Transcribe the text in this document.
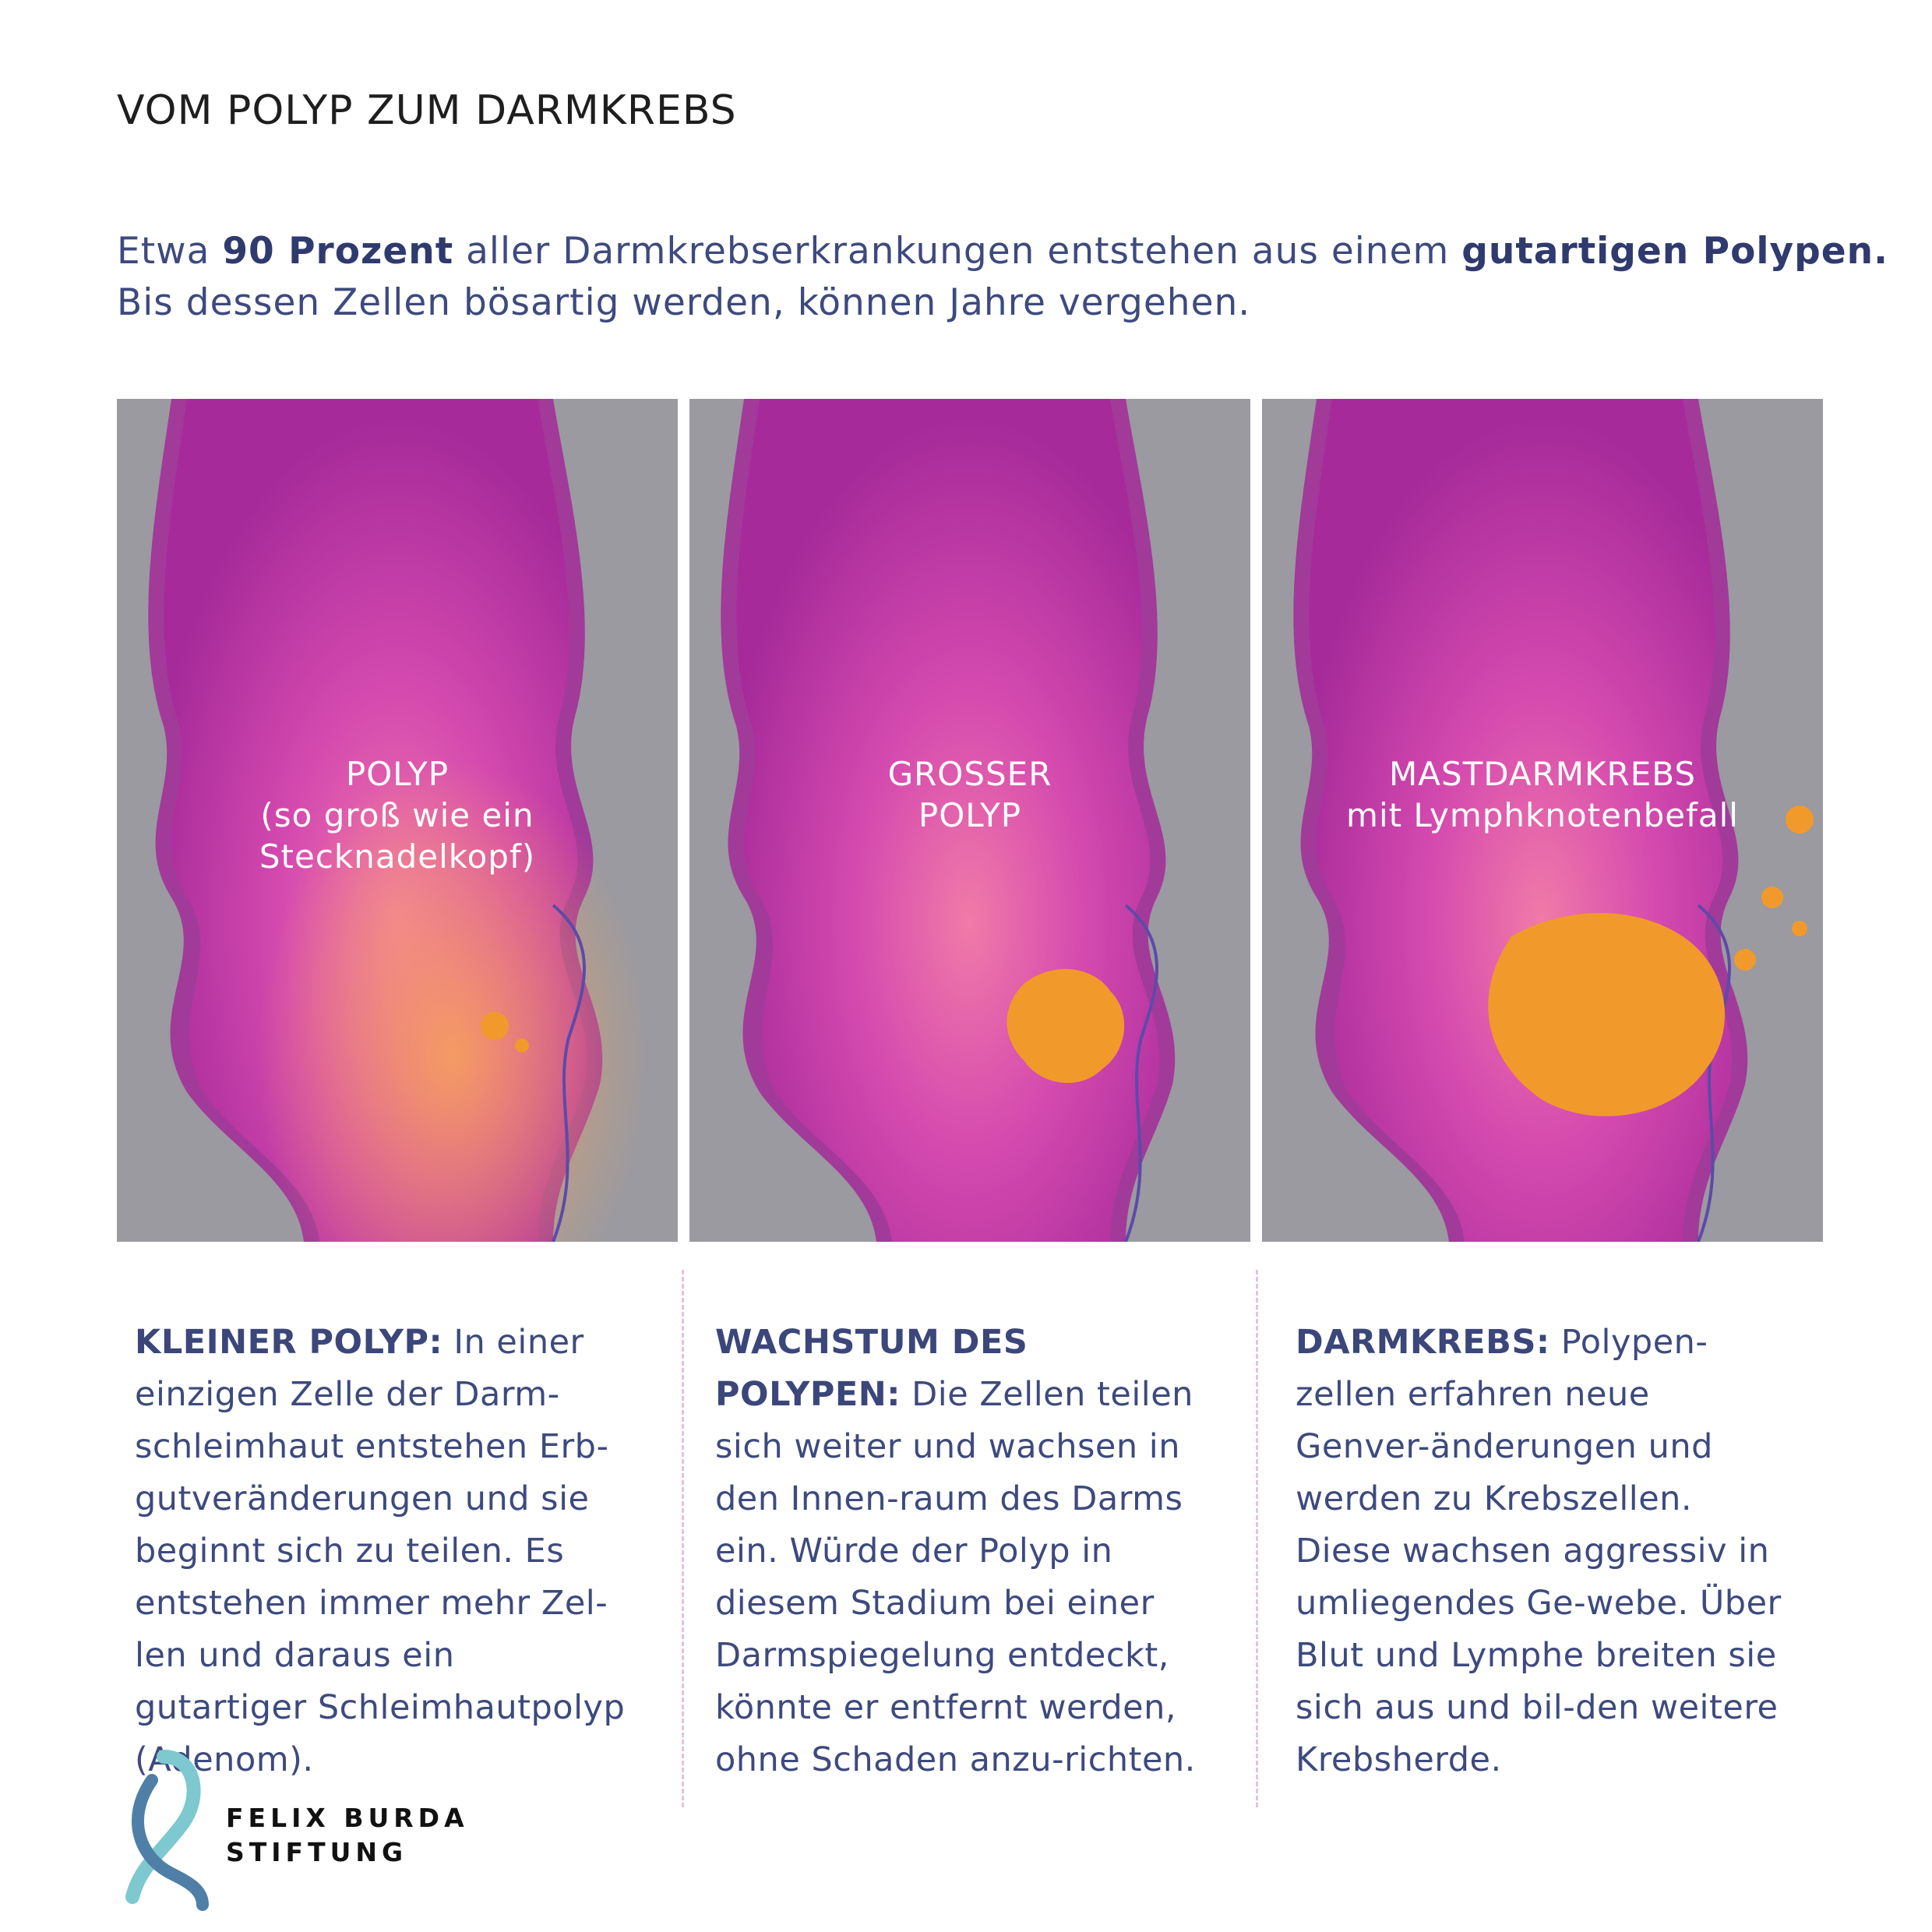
VOM POLYP ZUM DARMKREBS
Etwa 90 Prozent aller Darmkrebserkrankungen entstehen aus einem gutartigen Polypen.
Bis dessen Zellen bösartig werden, können Jahre vergehen.
POLYP
(so groß wie ein
Stecknadelkopf)
GROSSER
POLYP
MASTDARMKREBS
mit Lymphknotenbefall
KLEINER POLYP: In einer einzigen Zelle der Darm-schleimhaut entstehen Erb-gutveränderungen und sie beginnt sich zu teilen. Es entstehen immer mehr Zel-len und daraus ein gutartiger Schleimhautpolyp (Adenom).
WACHSTUM DES POLYPEN: Die Zellen teilen sich weiter und wachsen in den Innen-raum des Darms ein. Würde der Polyp in diesem Stadium bei einer Darmspiegelung entdeckt, könnte er entfernt werden, ohne Schaden anzu-richten.
DARMKREBS: Polypen-zellen erfahren neue Genver-änderungen und werden zu Krebszellen. Diese wachsen aggressiv in umliegendes Ge-webe. Über Blut und Lymphe breiten sie sich aus und bil-den weitere Krebsherde.
FELIX BURDA
STIFTUNG
